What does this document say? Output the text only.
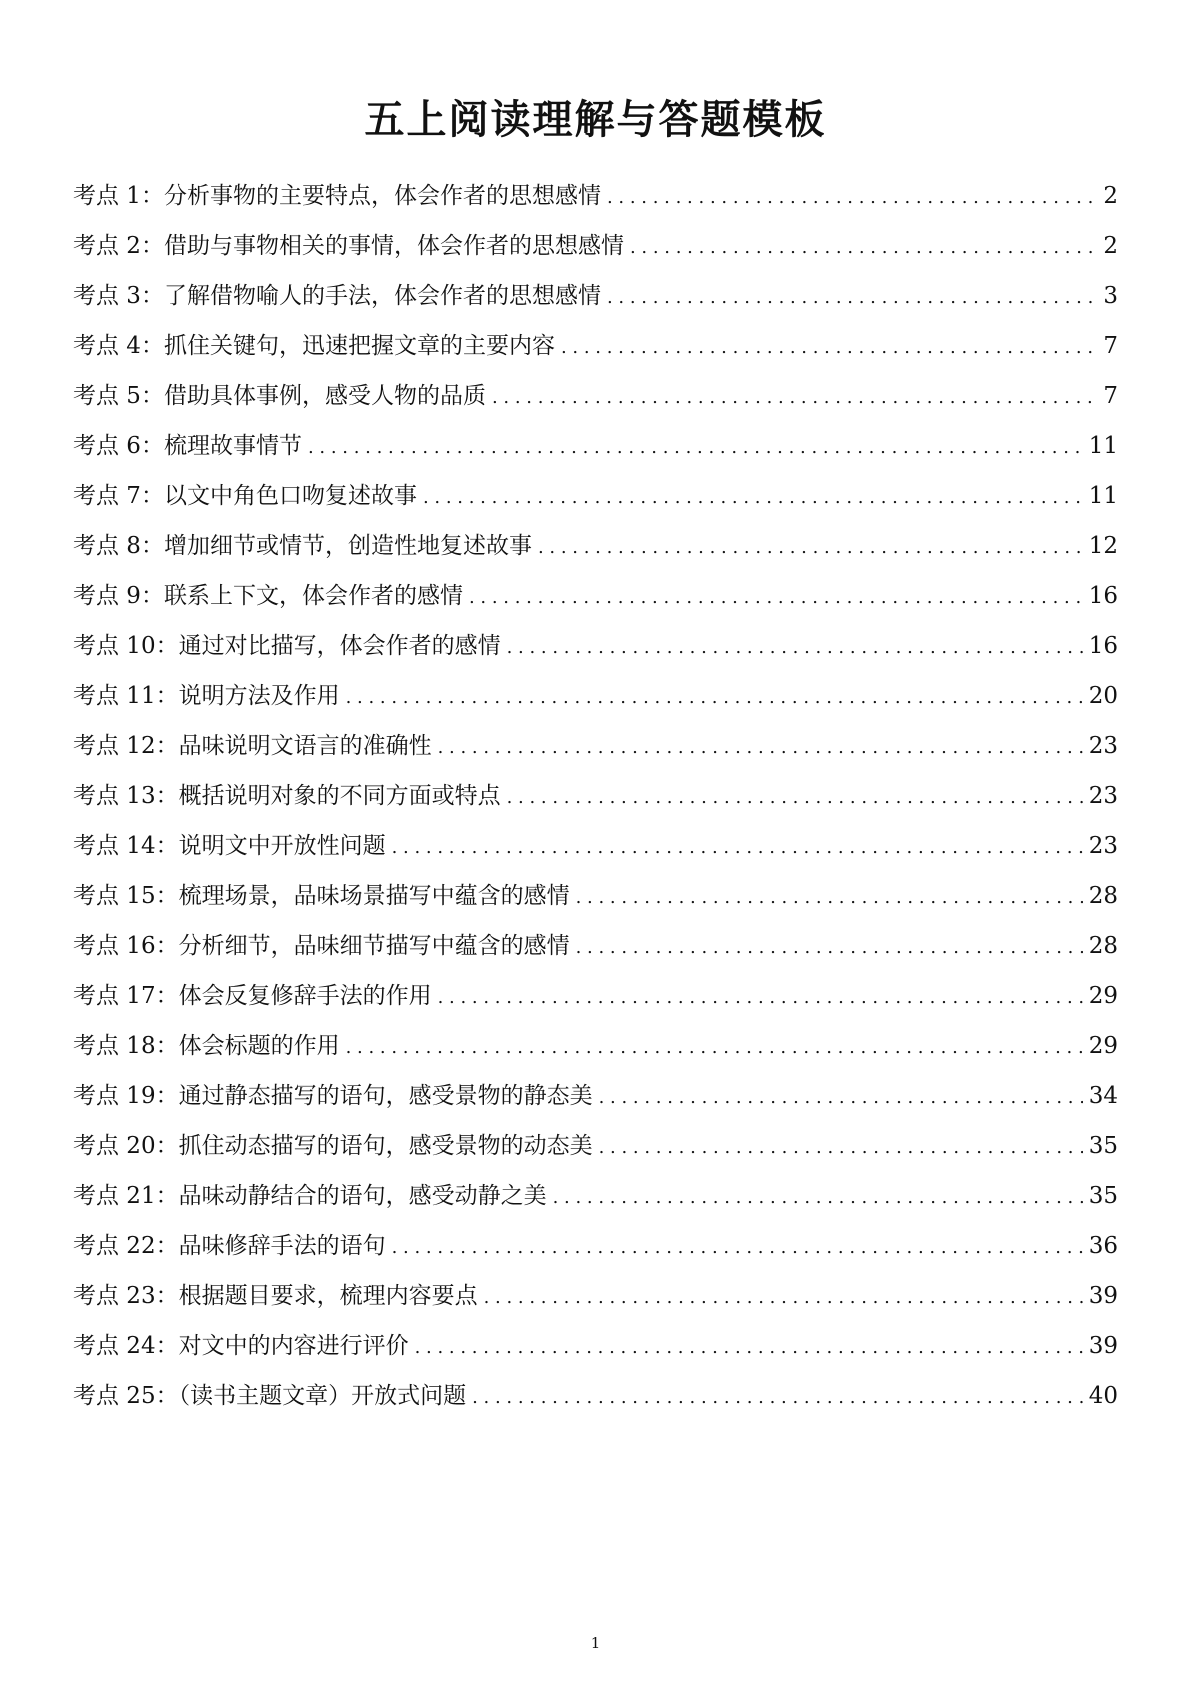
五上阅读理解与答题模板
考点 1：分析事物的主要特点，体会作者的思想感情 . . .	2
考点 2：借助与事物相关的事情，体会作者的思想感情 . . .	2
考点 3：了解借物喻人的手法，体会作者的思想感情 . . .	3
考点 4：抓住关键句，迅速把握文章的主要内容 . . .	7
考点 5：借助具体事例，感受人物的品质 . . .	7
考点 6：梳理故事情节 . . .	11
考点 7：以文中角色口吻复述故事 . . .	11
考点 8：增加细节或情节，创造性地复述故事 . . .	12
考点 9：联系上下文，体会作者的感情 . . .	16
考点 10：通过对比描写，体会作者的感情 . . .	16
考点 11：说明方法及作用 . . .	20
考点 12：品味说明文语言的准确性 . . .	23
考点 13：概括说明对象的不同方面或特点 . . .	23
考点 14：说明文中开放性问题 . . .	23
考点 15：梳理场景，品味场景描写中蕴含的感情 . . .	28
考点 16：分析细节，品味细节描写中蕴含的感情 . . .	28
考点 17：体会反复修辞手法的作用 . . .	29
考点 18：体会标题的作用 . . .	29
考点 19：通过静态描写的语句，感受景物的静态美 . . .	34
考点 20：抓住动态描写的语句，感受景物的动态美 . . .	35
考点 21：品味动静结合的语句，感受动静之美 . . .	35
考点 22：品味修辞手法的语句 . . .	36
考点 23：根据题目要求，梳理内容要点 . . .	39
考点 24：对文中的内容进行评价 . . .	39
考点 25：（读书主题文章）开放式问题 . . .	40
1
